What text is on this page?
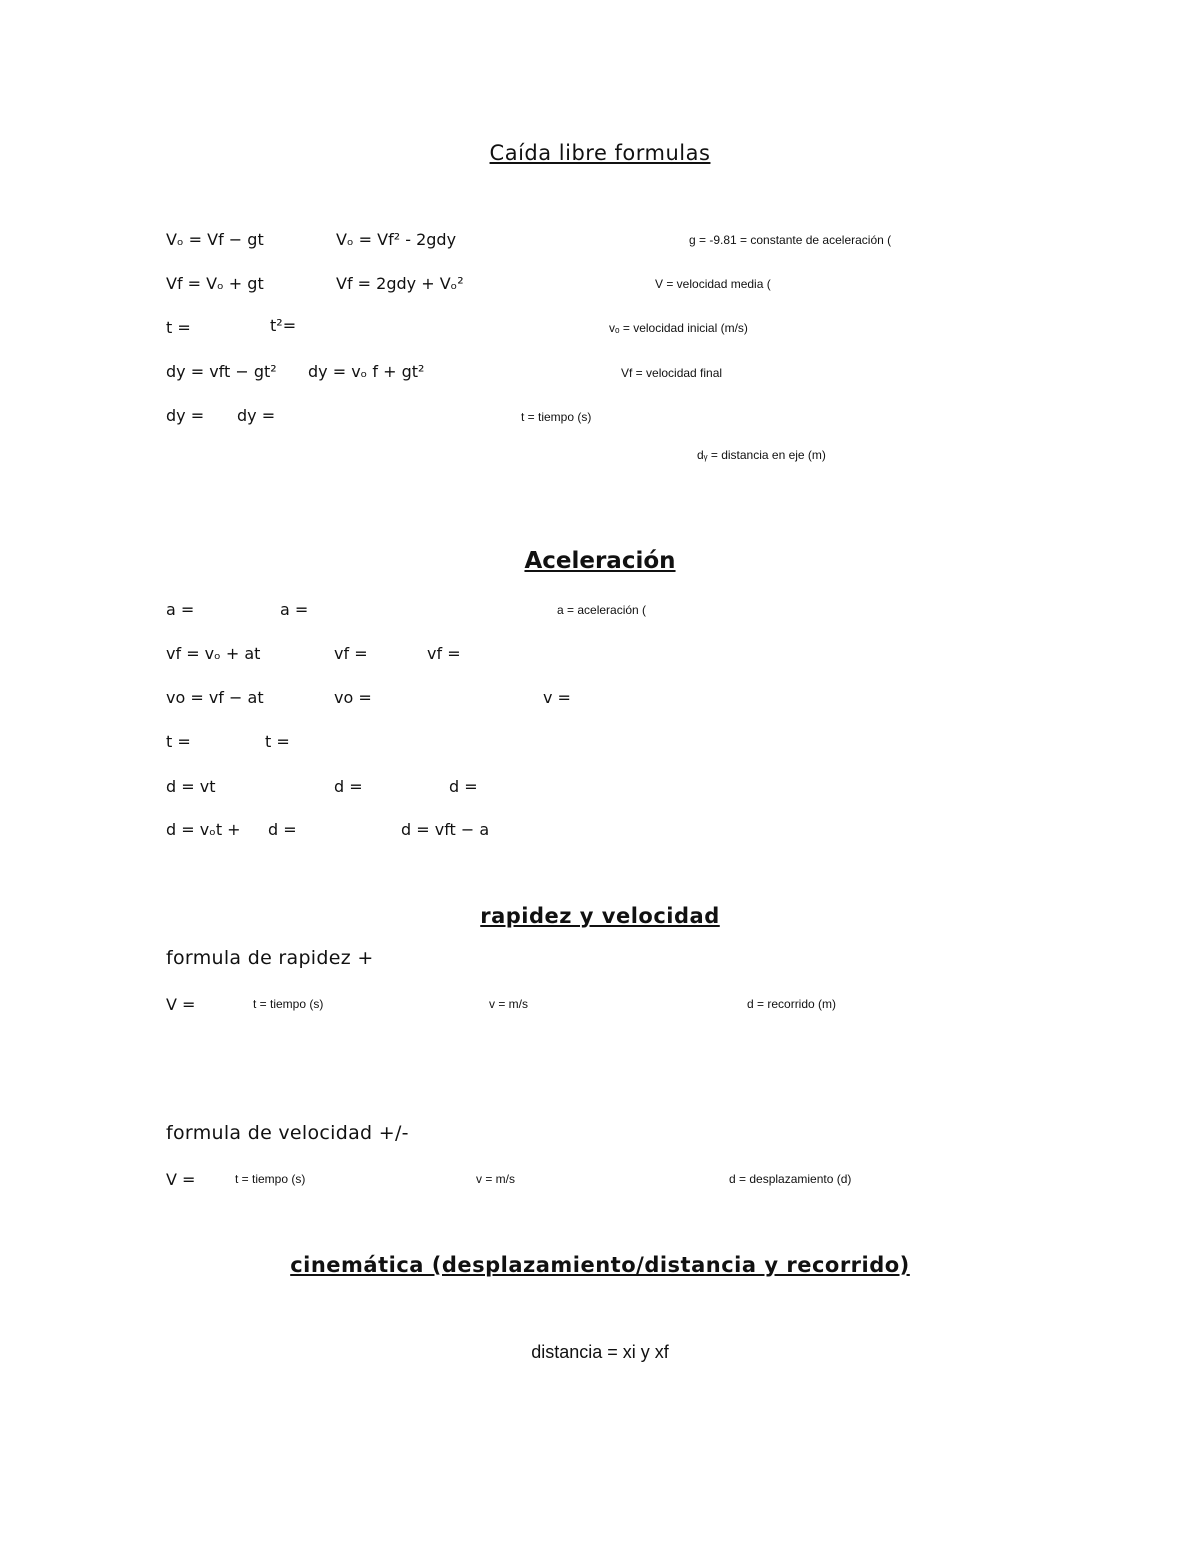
Caída libre formulas
Vₒ = Vf − gt	Vₒ = Vf² - 2gdy	g = -9.81 = constante de aceleración (
Vf = Vₒ + gt	Vf = 2gdy + Vₒ²	V = velocidad media (
t =	t²=	vₒ = velocidad inicial (m/s)
dy = vft − gt² dy = vₒ f + gt²	Vf = velocidad final
dy = dy =	t = tiempo (s)
dᵧ = distancia en eje (m)
Aceleración
a =	a =	a = aceleración (
vf = vₒ + at	vf =	vf =
vo = vf − at	vo =	v =
t =	t =
d = vt	d =	d =
d = vₒt + d =	d = vft − a
rapidez y velocidad
formula de rapidez +
V =	t = tiempo (s)	v = m/s	d = recorrido (m)
formula de velocidad +/-
V =	t = tiempo (s)	v = m/s	d = desplazamiento (d)
cinemática (desplazamiento/distancia y recorrido)
distancia = xi y xf
